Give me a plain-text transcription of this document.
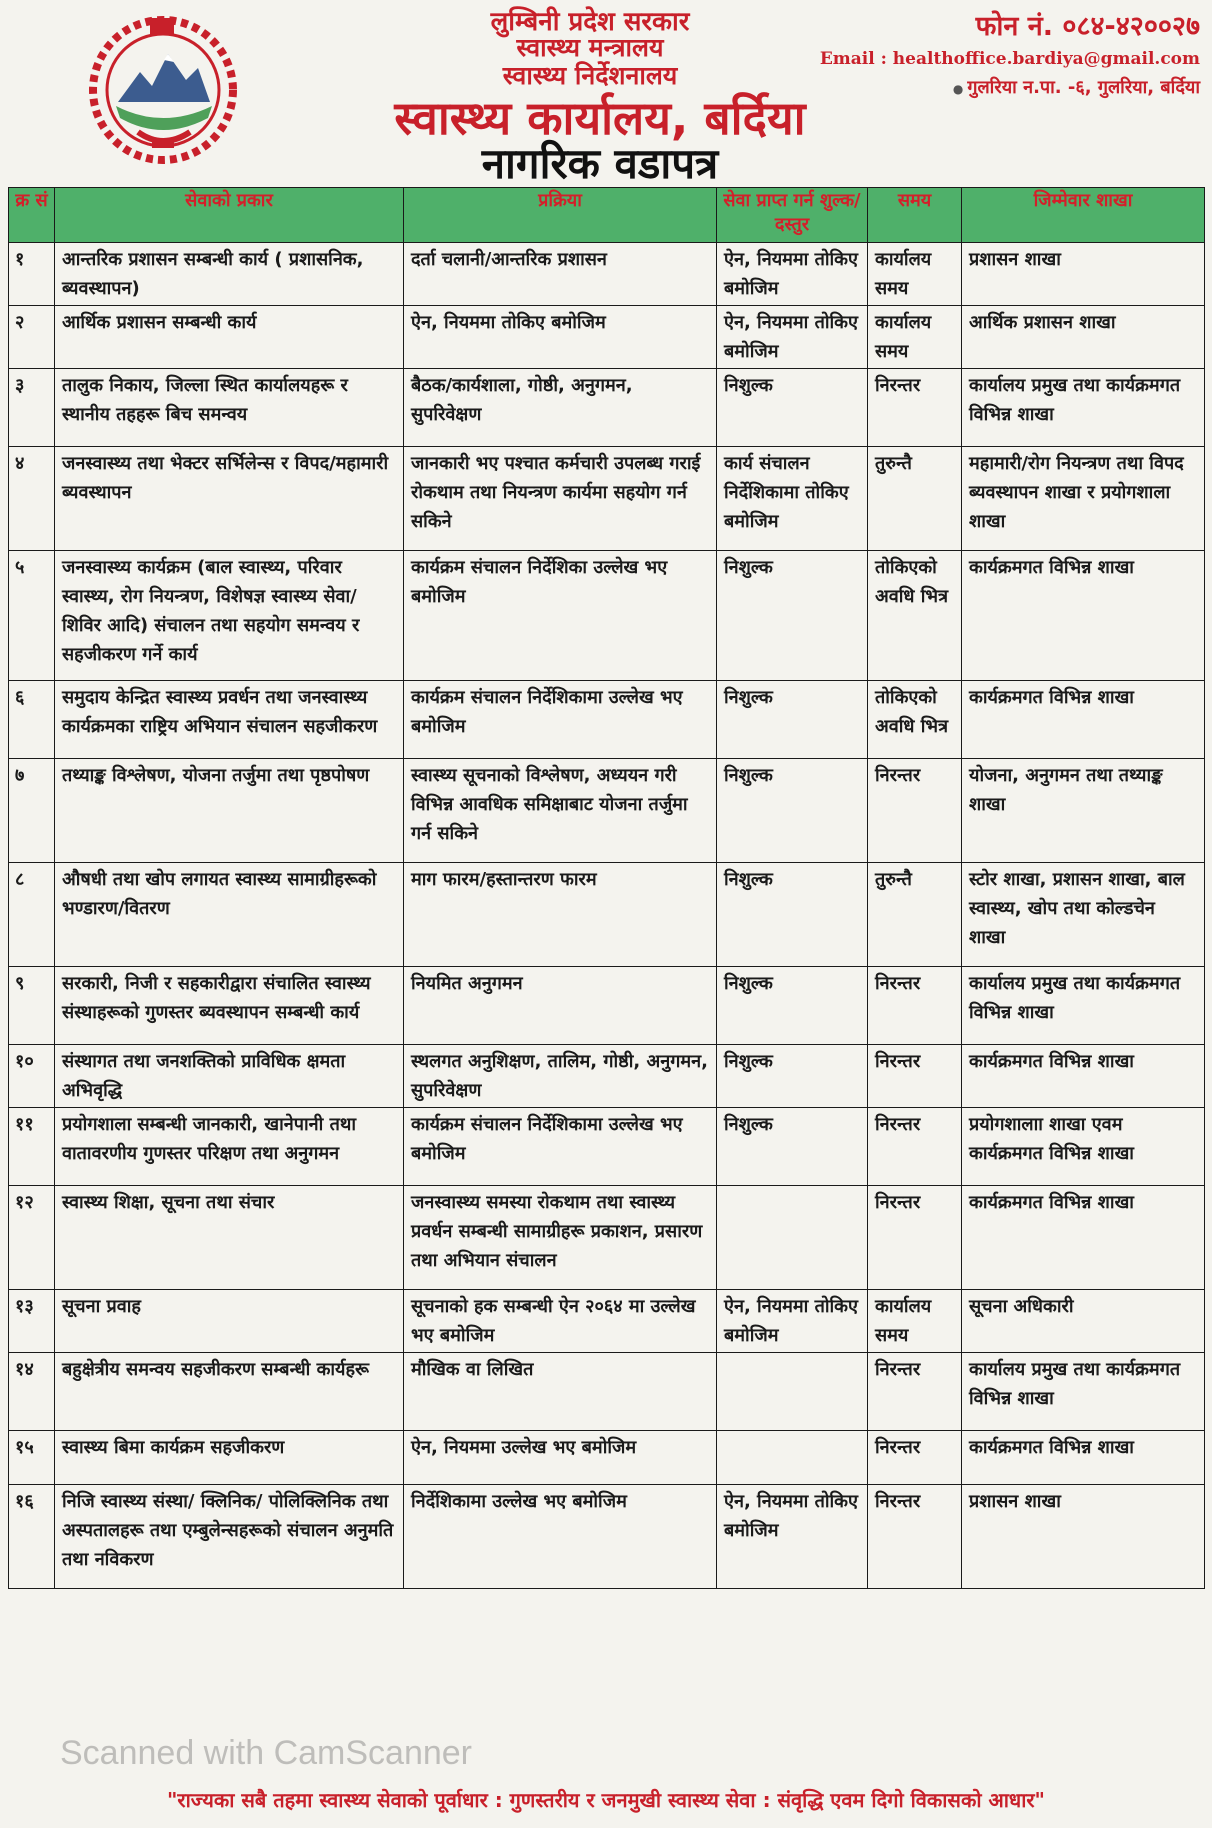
लुम्बिनी प्रदेश सरकार

स्वास्थ्य मन्त्रालय

स्वास्थ्य निर्देशनालय

स्वास्थ्य कार्यालय, बर्दिया

नागरिक वडापत्र

फोन नं. ०८४-४२००२७
Email : healthoffice.bardiya@gmail.com
● गुलरिया न.पा. -६, गुलरिया, बर्दिया
क्र सं	सेवाको प्रकार	प्रक्रिया	सेवा प्राप्त गर्न शुल्क/दस्तुर	समय	जिम्मेवार शाखा
१	आन्तरिक प्रशासन सम्बन्धी कार्य ( प्रशासनिक, ब्यवस्थापन)	दर्ता चलानी/आन्तरिक प्रशासन	ऐन, नियममा तोकिए बमोजिम	कार्यालय समय	प्रशासन शाखा
२	आर्थिक प्रशासन सम्बन्धी कार्य	ऐन, नियममा तोकिए बमोजिम	ऐन, नियममा तोकिए बमोजिम	कार्यालय समय	आर्थिक प्रशासन शाखा
३	तालुक निकाय, जिल्ला स्थित कार्यालयहरू र स्थानीय तहहरू बिच समन्वय	बैठक/कार्यशाला, गोष्ठी, अनुगमन, सुपरिवेक्षण	निशुल्क	निरन्तर	कार्यालय प्रमुख तथा कार्यक्रमगत विभिन्न शाखा
४	जनस्वास्थ्य तथा भेक्टर सर्भिलेन्स र विपद/महामारी ब्यवस्थापन	जानकारी भए पश्चात कर्मचारी उपलब्ध गराई रोकथाम तथा नियन्त्रण कार्यमा सहयोग गर्न सकिने	कार्य संचालन निर्देशिकामा तोकिए बमोजिम	तुरुन्तै	महामारी/रोग नियन्त्रण तथा विपद ब्यवस्थापन शाखा र प्रयोगशाला शाखा
५	जनस्वास्थ्य कार्यक्रम (बाल स्वास्थ्य, परिवार स्वास्थ्य, रोग नियन्त्रण, विशेषज्ञ स्वास्थ्य सेवा/ शिविर आदि) संचालन तथा सहयोग समन्वय र सहजीकरण गर्ने कार्य	कार्यक्रम संचालन निर्देशिका उल्लेख भए बमोजिम	निशुल्क	तोकिएको अवधि भित्र	कार्यक्रमगत विभिन्न शाखा
६	समुदाय केन्द्रित स्वास्थ्य प्रवर्धन तथा जनस्वास्थ्य कार्यक्रमका राष्ट्रिय अभियान संचालन सहजीकरण	कार्यक्रम संचालन निर्देशिकामा उल्लेख भए बमोजिम	निशुल्क	तोकिएको अवधि भित्र	कार्यक्रमगत विभिन्न शाखा
७	तथ्याङ्क विश्लेषण, योजना तर्जुमा तथा पृष्ठपोषण	स्वास्थ्य सूचनाको विश्लेषण, अध्ययन गरी विभिन्न आवधिक समिक्षाबाट योजना तर्जुमा गर्न सकिने	निशुल्क	निरन्तर	योजना, अनुगमन तथा तथ्याङ्क शाखा
८	औषधी तथा खोप लगायत स्वास्थ्य सामाग्रीहरूको भण्डारण/वितरण	माग फारम/हस्तान्तरण फारम	निशुल्क	तुरुन्तै	स्टोर शाखा, प्रशासन शाखा, बाल स्वास्थ्य, खोप तथा कोल्डचेन शाखा
९	सरकारी, निजी र सहकारीद्वारा संचालित स्वास्थ्य संस्थाहरूको गुणस्तर ब्यवस्थापन सम्बन्धी कार्य	नियमित अनुगमन	निशुल्क	निरन्तर	कार्यालय प्रमुख तथा कार्यक्रमगत विभिन्न शाखा
१०	संस्थागत तथा जनशक्तिको प्राविधिक क्षमता अभिवृद्धि	स्थलगत अनुशिक्षण, तालिम, गोष्ठी, अनुगमन, सुपरिवेक्षण	निशुल्क	निरन्तर	कार्यक्रमगत विभिन्न शाखा
११	प्रयोगशाला सम्बन्धी जानकारी, खानेपानी तथा वातावरणीय गुणस्तर परिक्षण तथा अनुगमन	कार्यक्रम संचालन निर्देशिकामा उल्लेख भए बमोजिम	निशुल्क	निरन्तर	प्रयोगशालाा शाखा एवम कार्यक्रमगत विभिन्न शाखा
१२	स्वास्थ्य शिक्षा, सूचना तथा संचार	जनस्वास्थ्य समस्या रोकथाम तथा स्वास्थ्य प्रवर्धन सम्बन्धी सामाग्रीहरू प्रकाशन, प्रसारण तथा अभियान संचालन		निरन्तर	कार्यक्रमगत विभिन्न शाखा
१३	सूचना प्रवाह	सूचनाको हक सम्बन्धी ऐन २०६४ मा उल्लेख भए बमोजिम	ऐन, नियममा तोकिए बमोजिम	कार्यालय समय	सूचना अधिकारी
१४	बहुक्षेत्रीय समन्वय सहजीकरण सम्बन्धी कार्यहरू	मौखिक वा लिखित		निरन्तर	कार्यालय प्रमुख तथा कार्यक्रमगत विभिन्न शाखा
१५	स्वास्थ्य बिमा कार्यक्रम सहजीकरण	ऐन, नियममा उल्लेख भए बमोजिम		निरन्तर	कार्यक्रमगत विभिन्न शाखा
१६	निजि स्वास्थ्य संस्था/ क्लिनिक/ पोलिक्लिनिक तथा अस्पतालहरू तथा एम्बुलेन्सहरूको संचालन अनुमति तथा नविकरण	निर्देशिकामा उल्लेख भए बमोजिम	ऐन, नियममा तोकिए बमोजिम	निरन्तर	प्रशासन शाखा
Scanned with CamScanner
"राज्यका सबै तहमा स्वास्थ्य सेवाको पूर्वाधार : गुणस्तरीय र जनमुखी स्वास्थ्य सेवा : संवृद्धि एवम दिगो विकासको आधार"
